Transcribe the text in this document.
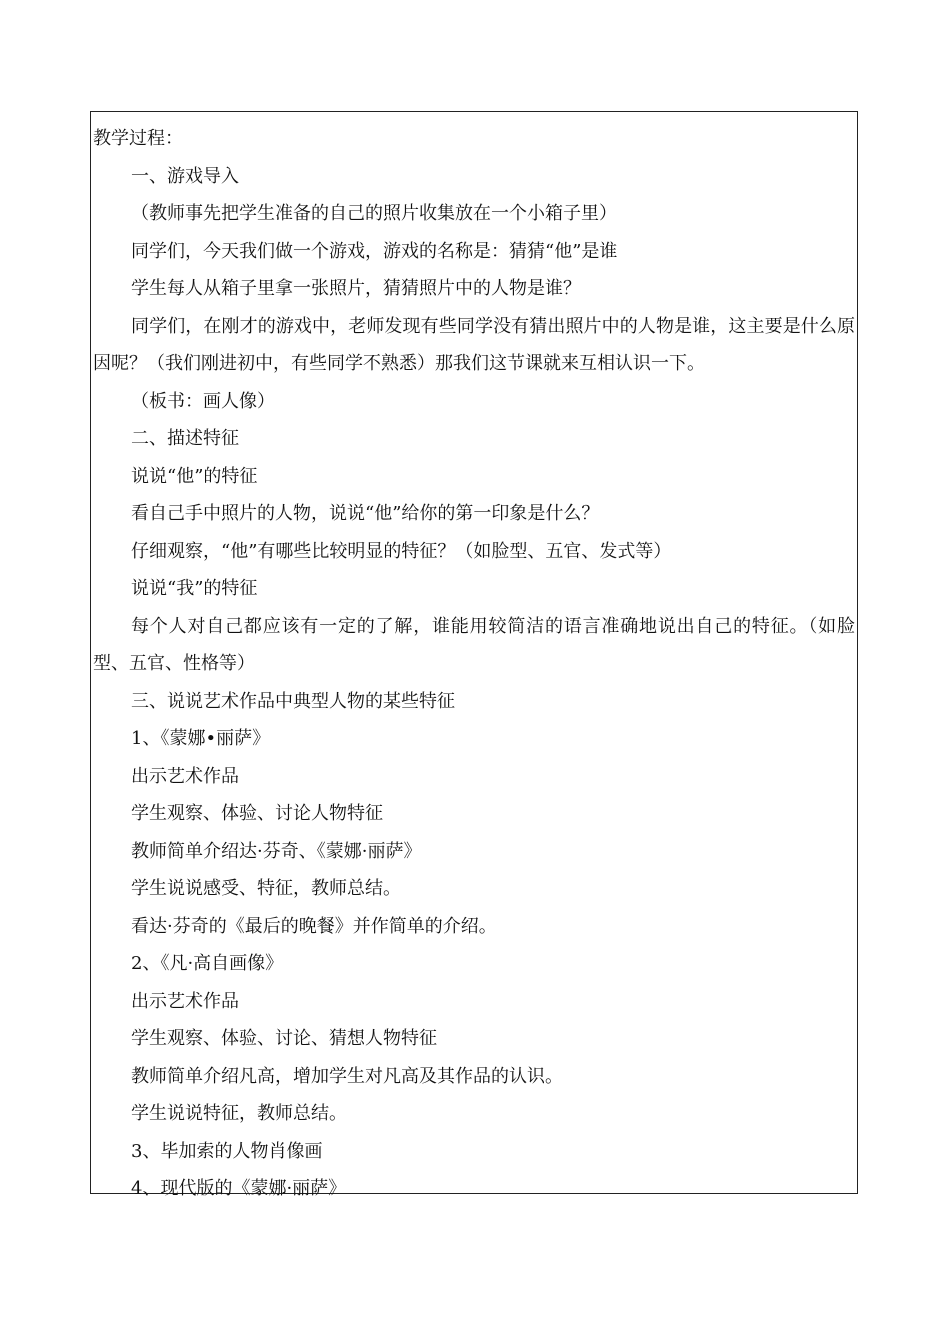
教学过程：
一、游戏导入
（教师事先把学生准备的自己的照片收集放在一个小箱子里）
同学们，今天我们做一个游戏，游戏的名称是：猜猜“他”是谁
学生每人从箱子里拿一张照片，猜猜照片中的人物是谁？
同学们，在刚才的游戏中，老师发现有些同学没有猜出照片中的人物是谁，这主要是什么原因呢？（我们刚进初中，有些同学不熟悉）那我们这节课就来互相认识一下。
（板书：画人像）
二、描述特征
说说“他”的特征
看自己手中照片的人物，说说“他”给你的第一印象是什么？
仔细观察，“他”有哪些比较明显的特征？（如脸型、五官、发式等）
说说“我”的特征
每个人对自己都应该有一定的了解，谁能用较简洁的语言准确地说出自己的特征。（如脸型、五官、性格等）
三、说说艺术作品中典型人物的某些特征
1、《蒙娜•丽萨》
出示艺术作品
学生观察、体验、讨论人物特征
教师简单介绍达·芬奇、《蒙娜·丽萨》
学生说说感受、特征，教师总结。
看达·芬奇的《最后的晚餐》并作简单的介绍。
2、《凡·高自画像》
出示艺术作品
学生观察、体验、讨论、猜想人物特征
教师简单介绍凡高，增加学生对凡高及其作品的认识。
学生说说特征，教师总结。
3、毕加索的人物肖像画
4、现代版的《蒙娜·丽萨》
